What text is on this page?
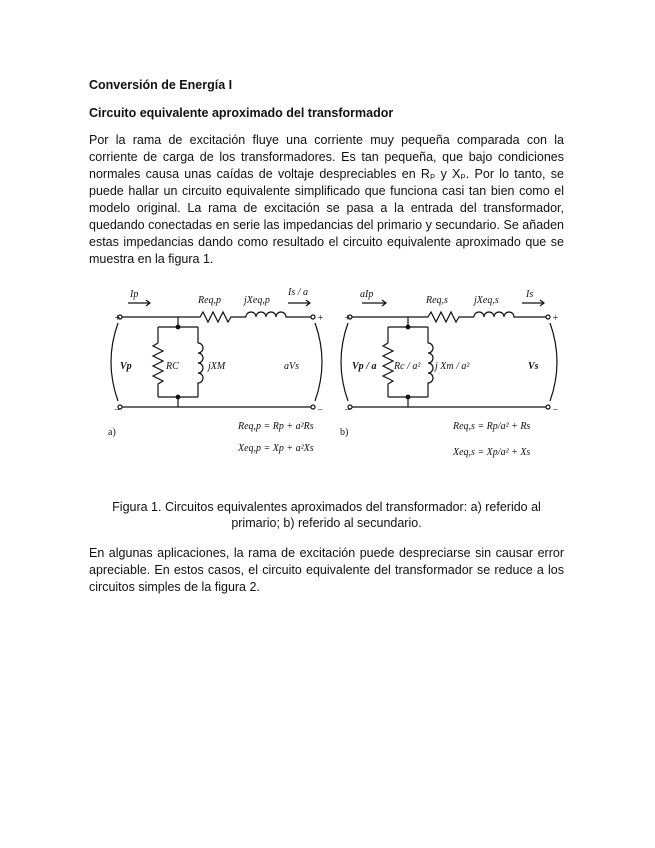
Conversión de Energía I

Circuito equivalente aproximado del transformador

Por la rama de excitación fluye una corriente muy pequeña comparada con la corriente de carga de los transformadores. Es tan pequeña, que bajo condiciones normales causa unas caídas de voltaje despreciables en Rₚ y Xₚ. Por lo tanto, se puede hallar un circuito equivalente simplificado que funciona casi tan bien como el modelo original. La rama de excitación se pasa a la entrada del transformador, quedando conectadas en serie las impedancias del primario y secundario. Se añaden estas impedancias dando como resultado el circuito equivalente aproximado que se muestra en la figura 1.

Ip	Is / a
Req,p jXeq,p
RC	jXM
Vp	aVs
+
−
+
−
a)
Req,p = Rp + a²Rs
Xeq,p = Xp + a²Xs
aIp	Is
Req,s	jXeq,s
Rc / a² j Xm / a²
Vp / a	Vs
+
−
+
−
b)
Req,s = Rp/a² + Rs
Xeq,s = Xp/a² + Xs

Figura 1. Circuitos equivalentes aproximados del transformador: a) referido al primario; b) referido al secundario.

En algunas aplicaciones, la rama de excitación puede despreciarse sin causar error apreciable. En estos casos, el circuito equivalente del transformador se reduce a los circuitos simples de la figura 2.
